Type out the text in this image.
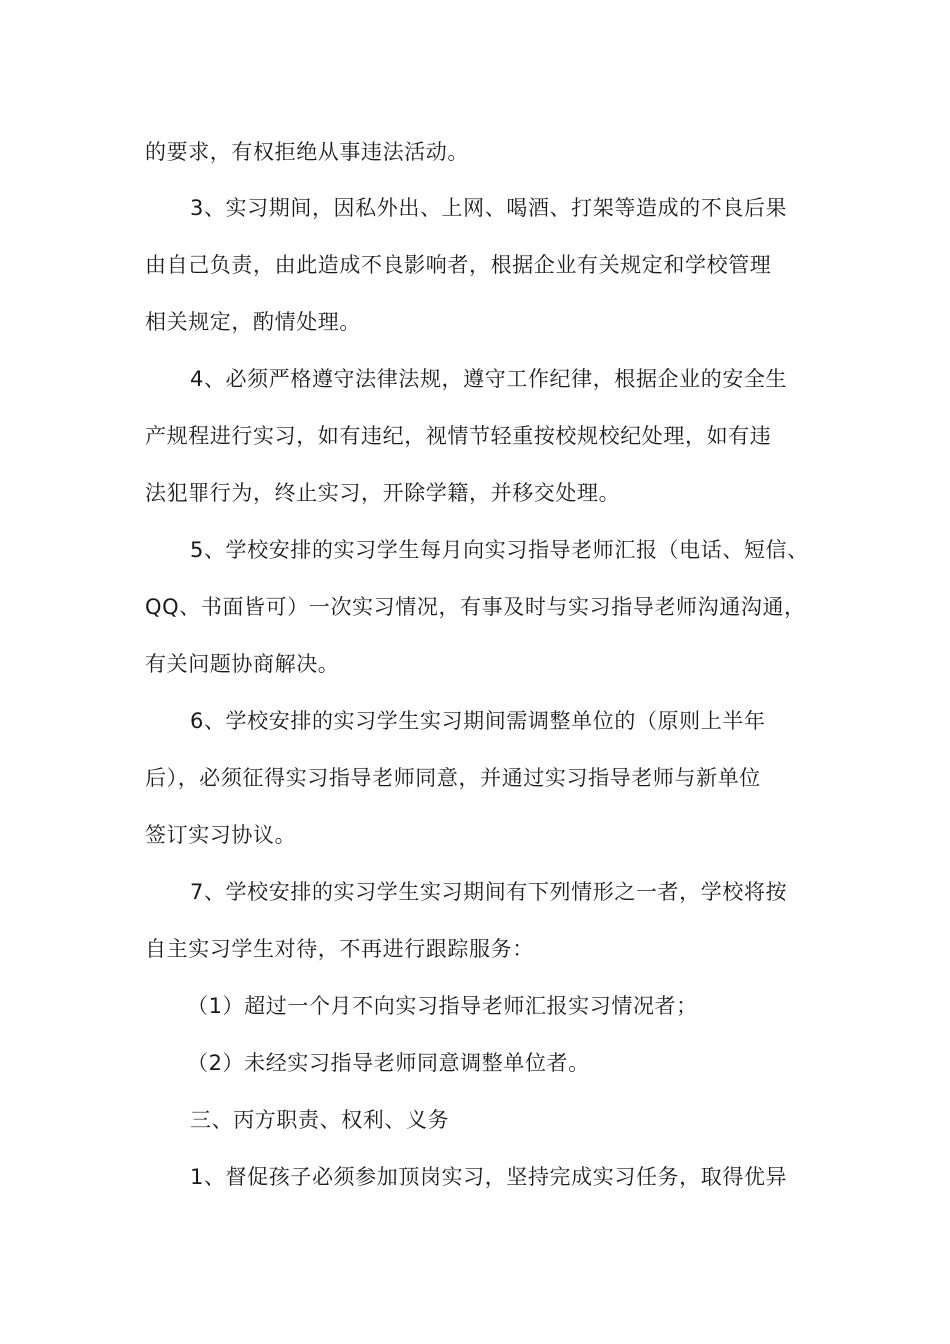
的要求，有权拒绝从事违法活动。
3、实习期间，因私外出、上网、喝酒、打架等造成的不良后果
由自己负责，由此造成不良影响者，根据企业有关规定和学校管理
相关规定，酌情处理。
4、必须严格遵守法律法规，遵守工作纪律，根据企业的安全生
产规程进行实习，如有违纪，视情节轻重按校规校纪处理，如有违
法犯罪行为，终止实习，开除学籍，并移交处理。
5、学校安排的实习学生每月向实习指导老师汇报（电话、短信、
QQ、书面皆可）一次实习情况，有事及时与实习指导老师沟通沟通，
有关问题协商解决。
6、学校安排的实习学生实习期间需调整单位的（原则上半年
后），必须征得实习指导老师同意，并通过实习指导老师与新单位
签订实习协议。
7、学校安排的实习学生实习期间有下列情形之一者，学校将按
自主实习学生对待，不再进行跟踪服务：
（1）超过一个月不向实习指导老师汇报实习情况者；
（2）未经实习指导老师同意调整单位者。
三、丙方职责、权利、义务
1、督促孩子必须参加顶岗实习，坚持完成实习任务，取得优异
